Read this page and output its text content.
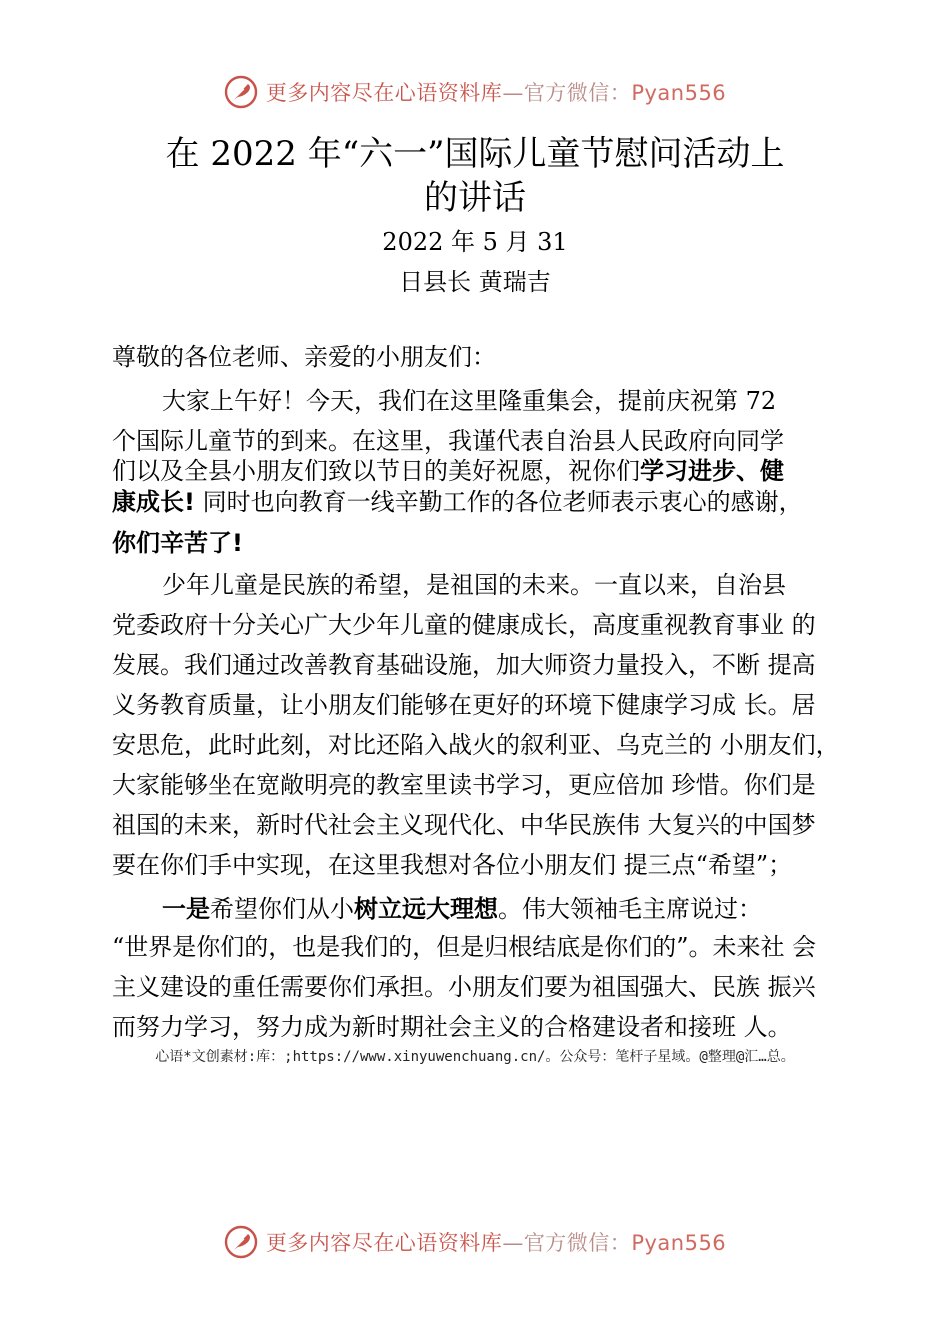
更多内容尽在心语资料库—官方微信：Pyan556
在 2022 年“六一”国际儿童节慰问活动上
的讲话
2022 年 5 月 31
日县长 黄瑞吉
尊敬的各位老师、亲爱的小朋友们：
大家上午好！今天，我们在这里隆重集会，提前庆祝第 72
个国际儿童节的到来。在这里，我谨代表自治县人民政府向同学
们以及全县小朋友们致以节日的美好祝愿，祝你们学习进步、健
康成长! 同时也向教育一线辛勤工作的各位老师表示衷心的感谢，
你们辛苦了!
少年儿童是民族的希望，是祖国的未来。一直以来，自治县
党委政府十分关心广大少年儿童的健康成长，高度重视教育事业 的
发展。我们通过改善教育基础设施，加大师资力量投入，不断 提高
义务教育质量，让小朋友们能够在更好的环境下健康学习成 长。居
安思危，此时此刻，对比还陷入战火的叙利亚、乌克兰的 小朋友们，
大家能够坐在宽敞明亮的教室里读书学习，更应倍加 珍惜。你们是
祖国的未来，新时代社会主义现代化、中华民族伟 大复兴的中国梦
要在你们手中实现，在这里我想对各位小朋友们 提三点“希望”；
一是希望你们从小树立远大理想。伟大领袖毛主席说过：
“世界是你们的，也是我们的，但是归根结底是你们的”。未来社 会
主义建设的重任需要你们承担。小朋友们要为祖国强大、民族 振兴
而努力学习，努力成为新时期社会主义的合格建设者和接班 人。
心语*文创素材:库：;https://www.xinyuwenchuang.cn/。公众号：笔杆子星域。@整理@汇…总。
更多内容尽在心语资料库—官方微信：Pyan556
